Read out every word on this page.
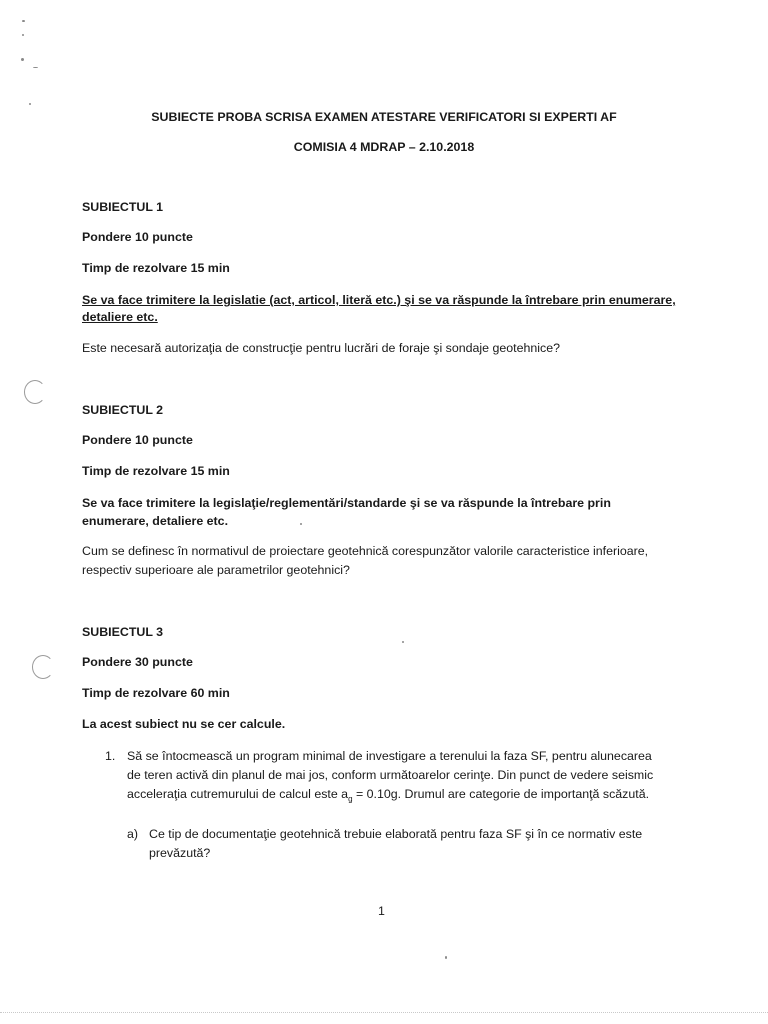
SUBIECTE PROBA SCRISA EXAMEN ATESTARE VERIFICATORI SI EXPERTI AF
COMISIA 4 MDRAP – 2.10.2018
SUBIECTUL 1
Pondere 10 puncte
Timp de rezolvare 15 min
Se va face trimitere la legislatie (act, articol, literă etc.) şi se va răspunde la întrebare prin enumerare,
detaliere etc.
Este necesară autorizaţia de construcţie pentru lucrări de foraje şi sondaje geotehnice?
SUBIECTUL 2
Pondere 10 puncte
Timp de rezolvare 15 min
Se va face trimitere la legislaţie/reglementări/standarde şi se va răspunde la întrebare prin
enumerare, detaliere etc.
Cum se definesc în normativul de proiectare geotehnică corespunzător valorile caracteristice inferioare,
respectiv superioare ale parametrilor geotehnici?
SUBIECTUL 3
Pondere 30 puncte
Timp de rezolvare 60 min
La acest subiect nu se cer calcule.
1. Să se întocmească un program minimal de investigare a terenului la faza SF, pentru alunecarea
de teren activă din planul de mai jos, conform următoarelor cerinţe. Din punct de vedere seismic
acceleraţia cutremurului de calcul este $a_g = 0.10g$. Drumul are categorie de importanţă scăzută.
a) Ce tip de documentaţie geotehnică trebuie elaborată pentru faza SF şi în ce normativ este
prevăzută?
1
